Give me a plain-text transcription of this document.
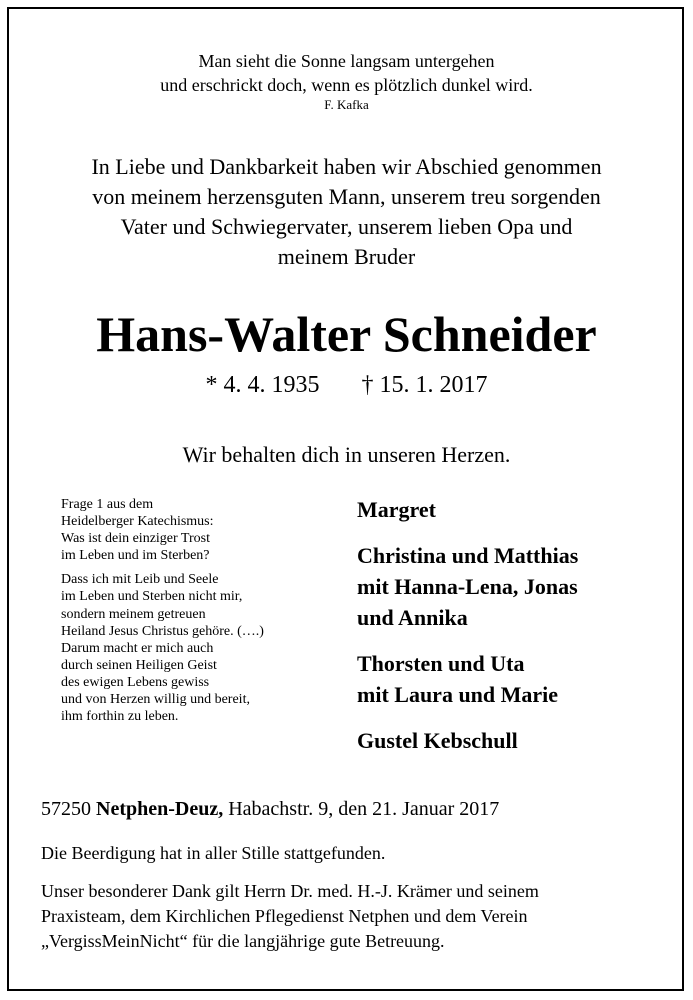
Man sieht die Sonne langsam untergehen
und erschrickt doch, wenn es plötzlich dunkel wird.
F. Kafka
In Liebe und Dankbarkeit haben wir Abschied genommen
von meinem herzensguten Mann, unserem treu sorgenden
Vater und Schwiegervater, unserem lieben Opa und
meinem Bruder
Hans-Walter Schneider
* 4. 4. 1935 † 15. 1. 2017
Wir behalten dich in unseren Herzen.
Frage 1 aus dem
Heidelberger Katechismus:
Was ist dein einziger Trost
im Leben und im Sterben?
Dass ich mit Leib und Seele
im Leben und Sterben nicht mir,
sondern meinem getreuen
Heiland Jesus Christus gehöre. (….)
Darum macht er mich auch
durch seinen Heiligen Geist
des ewigen Lebens gewiss
und von Herzen willig und bereit,
ihm forthin zu leben.
Margret
Christina und Matthias
mit Hanna-Lena, Jonas
und Annika
Thorsten und Uta
mit Laura und Marie
Gustel Kebschull
57250 Netphen-Deuz, Habachstr. 9, den 21. Januar 2017
Die Beerdigung hat in aller Stille stattgefunden.
Unser besonderer Dank gilt Herrn Dr. med. H.-J. Krämer und seinem
Praxisteam, dem Kirchlichen Pflegedienst Netphen und dem Verein
„VergissMeinNicht“ für die langjährige gute Betreuung.
